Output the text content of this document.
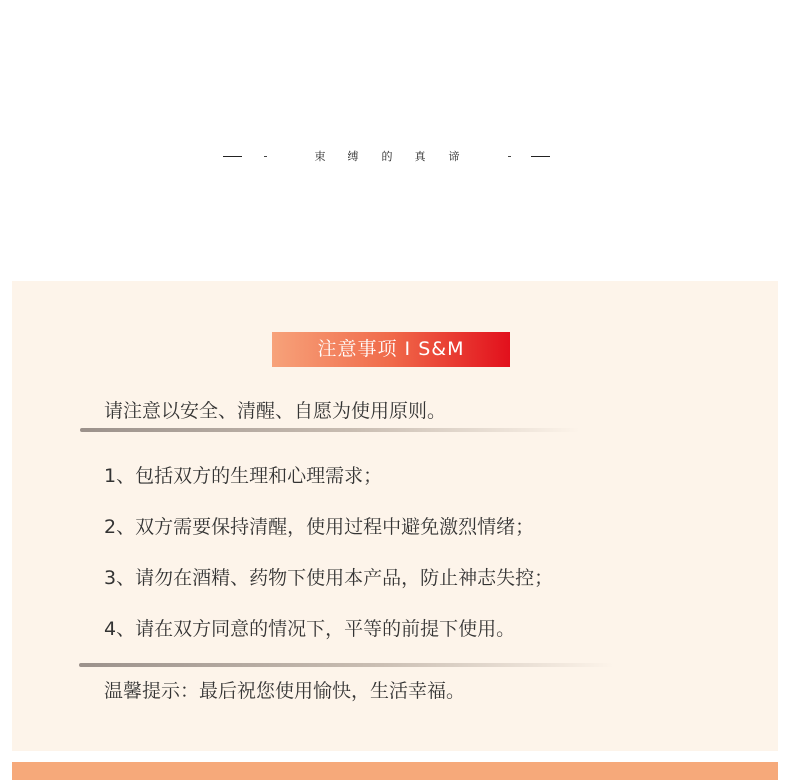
束 缚 的 真 谛
注意事项 I S&M
请注意以安全、清醒、自愿为使用原则。
1、包括双方的生理和心理需求；
2、双方需要保持清醒，使用过程中避免激烈情绪；
3、请勿在酒精、药物下使用本产品，防止神志失控；
4、请在双方同意的情况下，平等的前提下使用。
温馨提示：最后祝您使用愉快，生活幸福。
